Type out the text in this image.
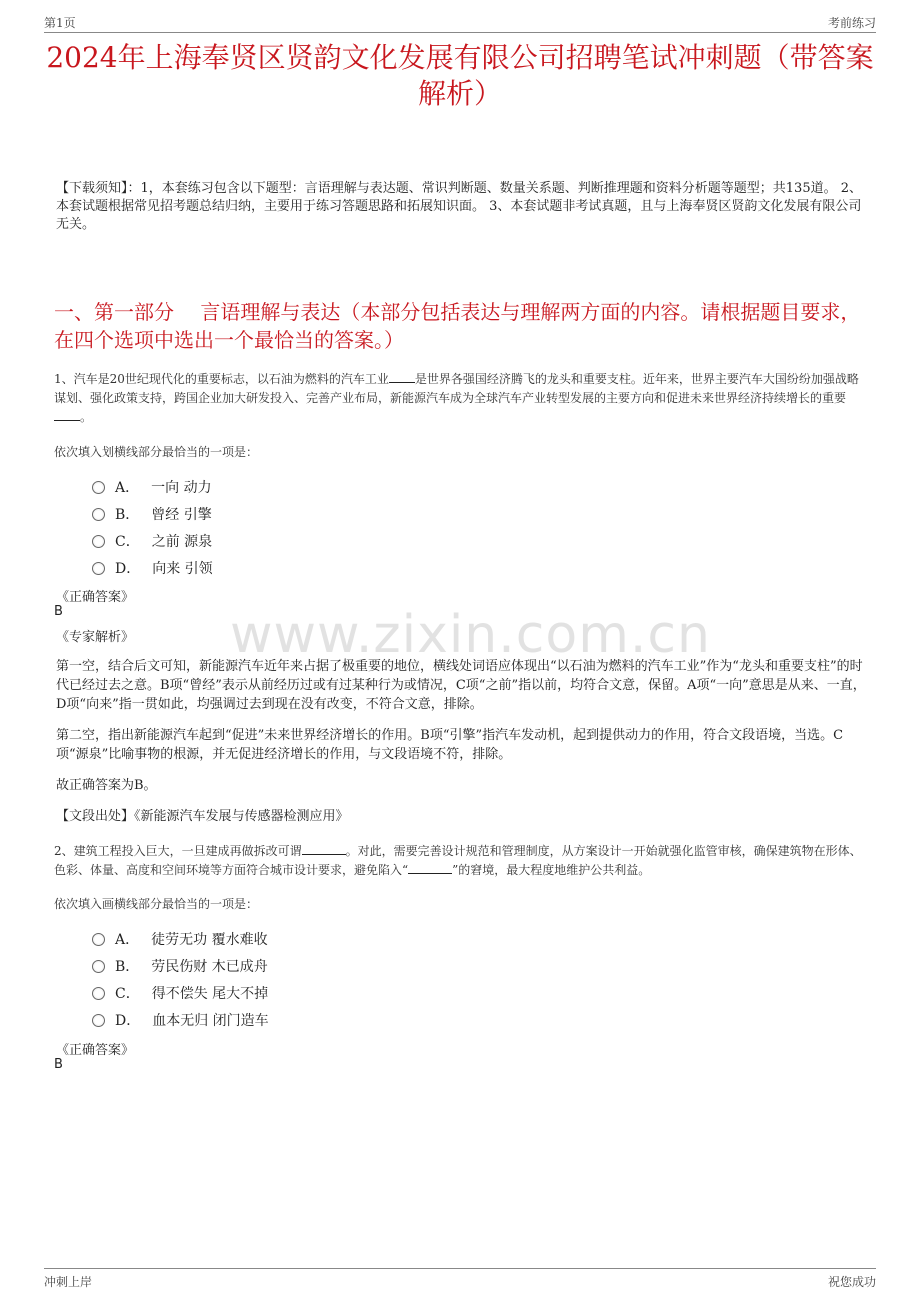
第1页	考前练习
2024年上海奉贤区贤韵文化发展有限公司招聘笔试冲刺题（带答案解析）
【下载须知】：1，本套练习包含以下题型：言语理解与表达题、常识判断题、数量关系题、判断推理题和资料分析题等题型；共135道。 2、本套试题根据常见招考题总结归纳，主要用于练习答题思路和拓展知识面。 3、本套试题非考试真题，且与上海奉贤区贤韵文化发展有限公司无关。
一、第一部分　 言语理解与表达（本部分包括表达与理解两方面的内容。请根据题目要求，在四个选项中选出一个最恰当的答案。）
1、汽车是20世纪现代化的重要标志，以石油为燃料的汽车工业 是世界各强国经济腾飞的龙头和重要支柱。近年来，世界主要汽车大国纷纷加强战略谋划、强化政策支持，跨国企业加大研发投入、完善产业布局，新能源汽车成为全球汽车产业转型发展的主要方向和促进未来世界经济持续增长的重要。
依次填入划横线部分最恰当的一项是：
A． 一向 动力
B． 曾经 引擎
C． 之前 源泉
D． 向来 引领
《正确答案》
B
《专家解析》 www.zixin.com.cn
第一空，结合后文可知，新能源汽车近年来占据了极重要的地位，横线处词语应体现出“以石油为燃料的汽车工业”作为“龙头和重要支柱”的时代已经过去之意。B项“曾经”表示从前经历过或有过某种行为或情况，C项“之前”指以前，均符合文意，保留。A项“一向”意思是从来、一直，D项“向来”指一贯如此，均强调过去到现在没有改变，不符合文意，排除。
第二空，指出新能源汽车起到“促进”未来世界经济增长的作用。B项“引擎”指汽车发动机，起到提供动力的作用，符合文段语境，当选。C项“源泉”比喻事物的根源，并无促进经济增长的作用，与文段语境不符，排除。
故正确答案为B。
【文段出处】《新能源汽车发展与传感器检测应用》
2、建筑工程投入巨大，一旦建成再做拆改可谓	。对此，需要完善设计规范和管理制度，从方案设计一开始就强化监管审核，确保建筑物在形体、色彩、体量、高度和空间环境等方面符合城市设计要求，避免陷入“	”的窘境，最大程度地维护公共利益。
依次填入画横线部分最恰当的一项是：
A． 徒劳无功 覆水难收
B． 劳民伤财 木已成舟
C． 得不偿失 尾大不掉
D． 血本无归 闭门造车
《正确答案》
B
冲刺上岸	祝您成功
